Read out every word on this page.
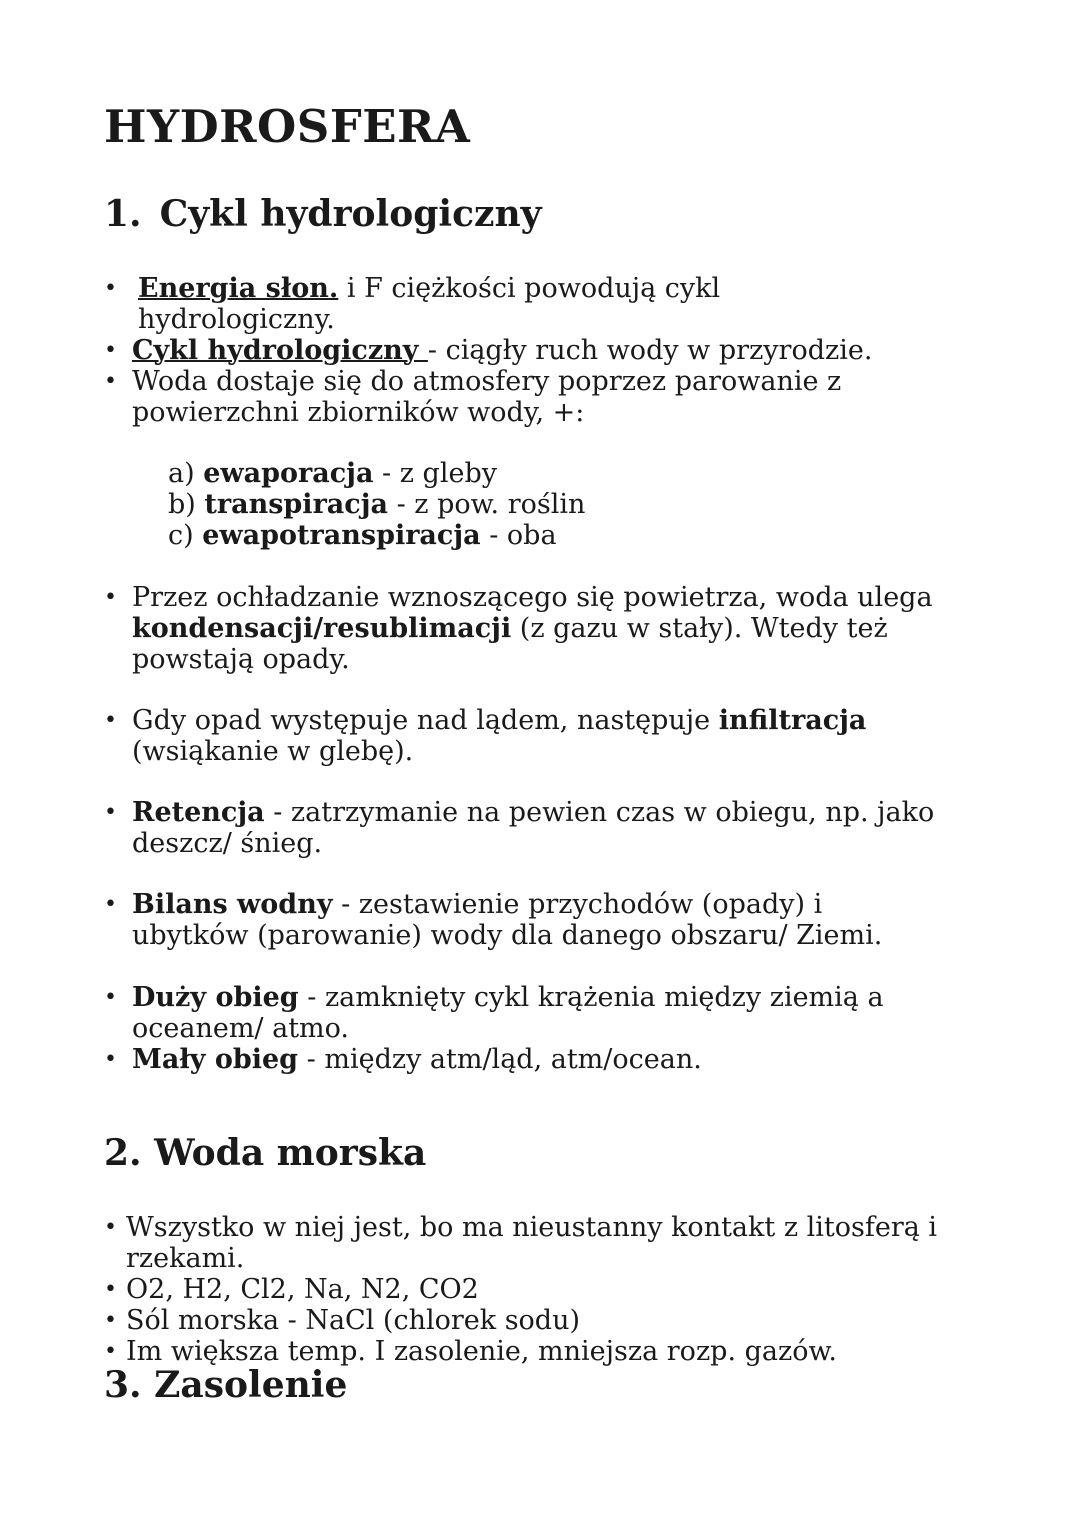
HYDROSFERA
1. Cykl hydrologiczny
• Energia słon. i F ciężkości powodują cykl hydrologiczny.
• Cykl hydrologiczny - ciągły ruch wody w przyrodzie.
• Woda dostaje się do atmosfery poprzez parowanie z powierzchni zbiorników wody, +:
a) ewaporacja - z gleby
b) transpiracja - z pow. roślin
c) ewapotranspiracja - oba
• Przez ochładzanie wznoszącego się powietrza, woda ulega kondensacji/resublimacji (z gazu w stały). Wtedy też powstają opady.
• Gdy opad występuje nad lądem, następuje infiltracja (wsiąkanie w glebę).
• Retencja - zatrzymanie na pewien czas w obiegu, np. jako deszcz/ śnieg.
• Bilans wodny - zestawienie przychodów (opady) i ubytków (parowanie) wody dla danego obszaru/ Ziemi.
• Duży obieg - zamknięty cykl krążenia między ziemią a oceanem/ atmo.
• Mały obieg - między atm/ląd, atm/ocean.
2. Woda morska
• Wszystko w niej jest, bo ma nieustanny kontakt z litosferą i rzekami.
• O2, H2, Cl2, Na, N2, CO2
• Sól morska - NaCl (chlorek sodu)
• Im większa temp. I zasolenie, mniejsza rozp. gazów.
3. Zasolenie
